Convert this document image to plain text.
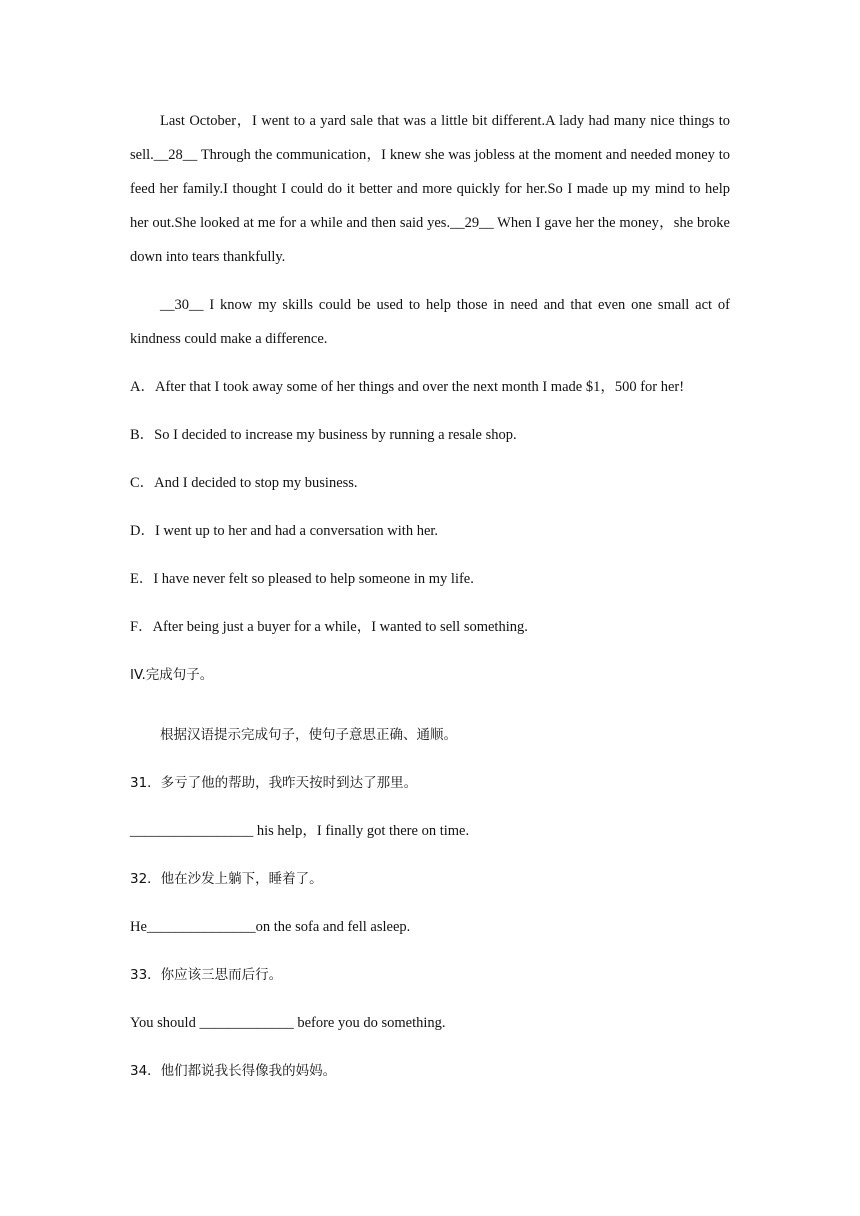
Last October，I went to a yard sale that was a little bit different.A lady had many nice things to sell.__28__ Through the communication，I knew she was jobless at the moment and needed money to feed her family.I thought I could do it better and more quickly for her.So I made up my mind to help her out.She looked at me for a while and then said yes.__29__ When I gave her the money，she broke down into tears thankfully.

__30__ I know my skills could be used to help those in need and that even one small act of kindness could make a difference.

A．After that I took away some of her things and over the next month I made $1，500 for her!

B．So I decided to increase my business by running a resale shop.

C．And I decided to stop my business.

D．I went up to her and had a conversation with her.

E．I have never felt so pleased to help someone in my life.

F．After being just a buyer for a while，I wanted to sell something.

IV.完成句子。

根据汉语提示完成句子，使句子意思正确、通顺。

31．多亏了他的帮助，我昨天按时到达了那里。

_________________ his help，I finally got there on time.

32．他在沙发上躺下，睡着了。

He_______________on the sofa and fell asleep.

33．你应该三思而后行。

You should _____________ before you do something.

34．他们都说我长得像我的妈妈。
